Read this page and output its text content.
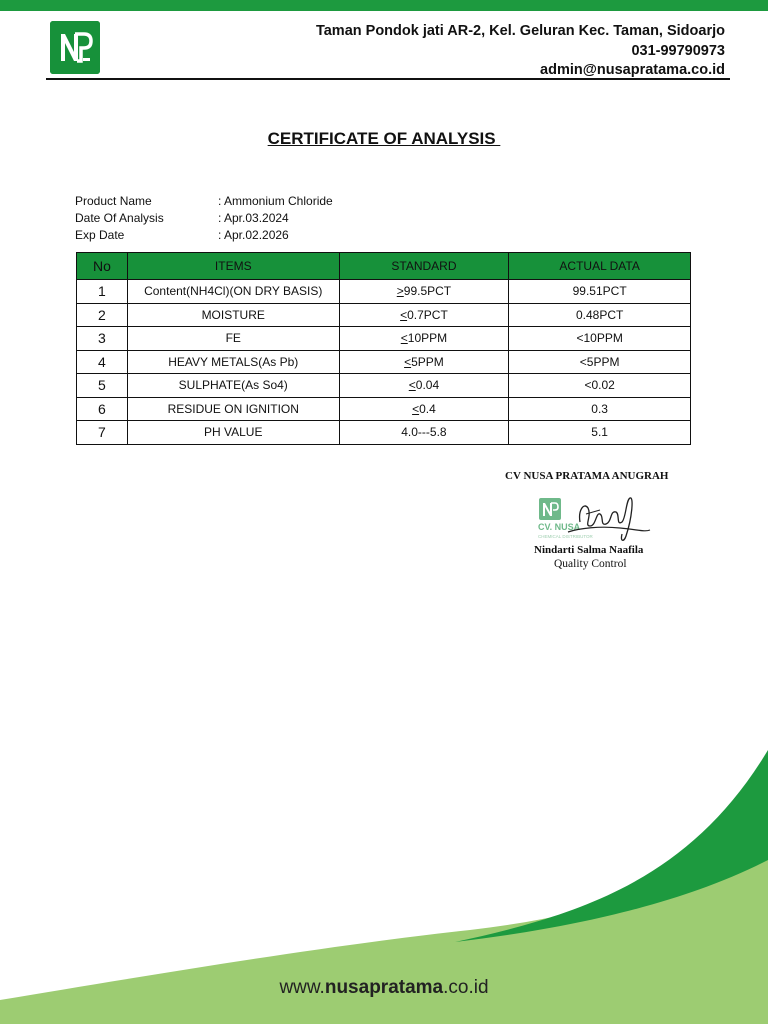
Taman Pondok jati AR-2, Kel. Geluran Kec. Taman, Sidoarjo
031-99790973
admin@nusapratama.co.id
CERTIFICATE OF ANALYSIS
Product Name	: Ammonium Chloride
Date Of Analysis	: Apr.03.2024
Exp Date	: Apr.02.2026
No	ITEMS	STANDARD	ACTUAL DATA
1	Content(NH4Cl)(ON DRY BASIS)	>99.5PCT	99.51PCT
2	MOISTURE	<0.7PCT	0.48PCT
3	FE	<10PPM	<10PPM
4	HEAVY METALS(As Pb)	<5PPM	<5PPM
5	SULPHATE(As So4)	<0.04	<0.02
6	RESIDUE ON IGNITION	<0.4	0.3
7	PH VALUE	4.0---5.8	5.1
CV NUSA PRATAMA ANUGRAH
CV. NUSA
CHEMICAL DISTRIBUTOR
Nindarti Salma Naafila
Quality Control
www.nusapratama.co.id
